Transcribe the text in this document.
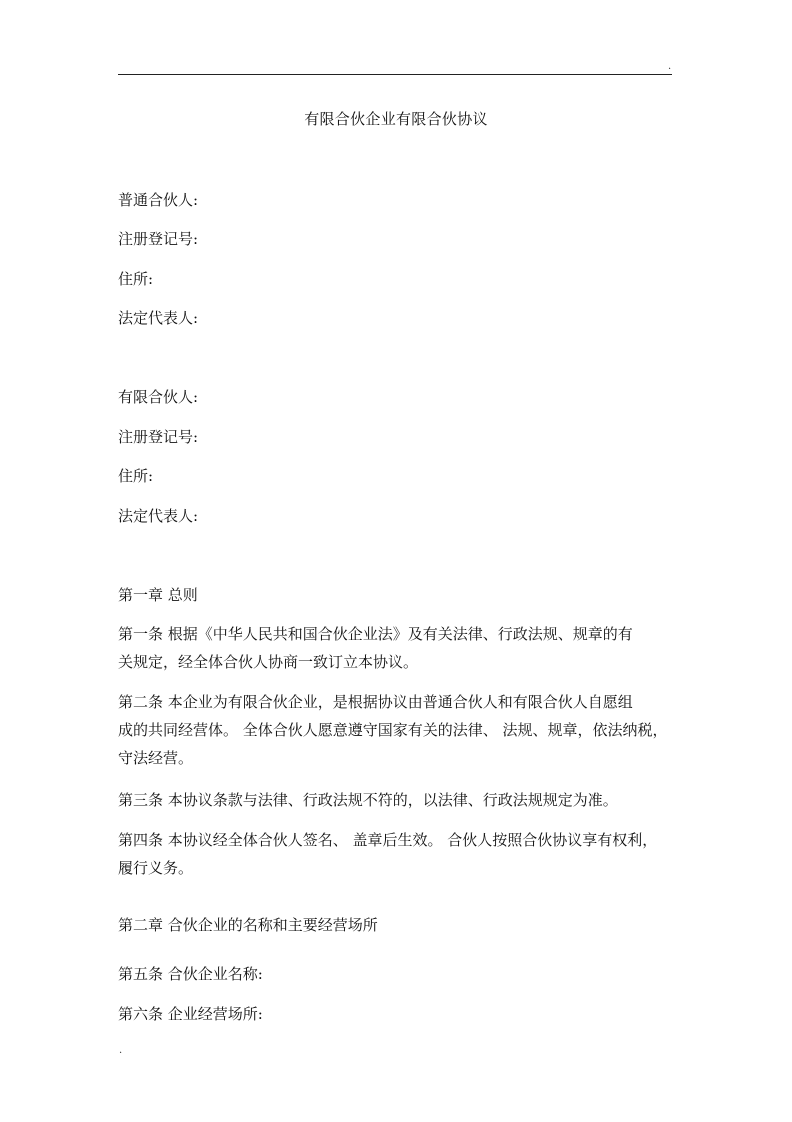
.
有限合伙企业有限合伙协议
普通合伙人:
注册登记号:
住所:
法定代表人:
有限合伙人:
注册登记号:
住所:
法定代表人:
第一章 总则
第一条 根据《中华人民共和国合伙企业法》及有关法律、行政法规、规章的有
关规定，经全体合伙人协商一致订立本协议。
第二条 本企业为有限合伙企业，是根据协议由普通合伙人和有限合伙人自愿组
成的共同经营体。 全体合伙人愿意遵守国家有关的法律、 法规、规章，依法纳税，
守法经营。
第三条 本协议条款与法律、行政法规不符的，以法律、行政法规规定为准。
第四条 本协议经全体合伙人签名、 盖章后生效。 合伙人按照合伙协议享有权利，
履行义务。
第二章 合伙企业的名称和主要经营场所
第五条 合伙企业名称:
第六条 企业经营场所:
.
